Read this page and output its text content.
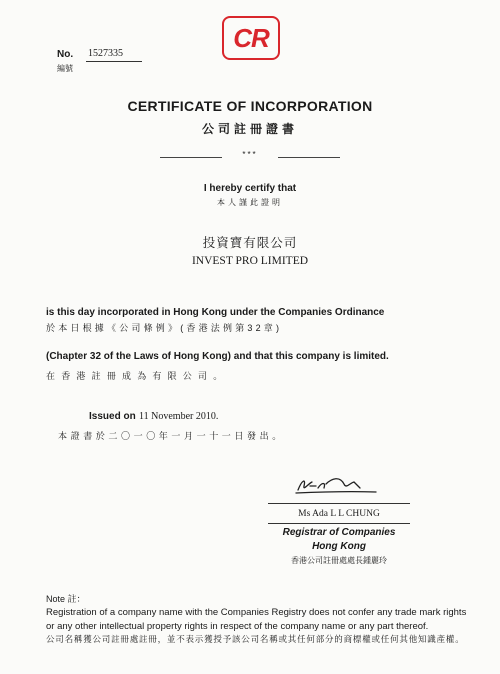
CR
No. 1527335
編號
CERTIFICATE OF INCORPORATION
公司註冊證書
***
I hereby certify that
本人謹此證明
投資寶有限公司
INVEST PRO LIMITED
is this day incorporated in Hong Kong under the Companies Ordinance
於本日根據《公司條例》(香港法例第32章)
(Chapter 32 of the Laws of Hong Kong) and that this company is limited.
在香港註冊成為有限公司。
Issued on 11 November 2010.
本證書於二〇一〇年一月一十一日發出。
Ms Ada L L CHUNG
Registrar of Companies
Hong Kong
香港公司註冊處處長鍾麗玲
Note 註：
Registration of a company name with the Companies Registry does not confer any trade mark rights or any other intellectual property rights in respect of the company name or any part thereof.
公司名稱獲公司註冊處註冊，並不表示獲授予該公司名稱或其任何部分的商標權或任何其他知識產權。
